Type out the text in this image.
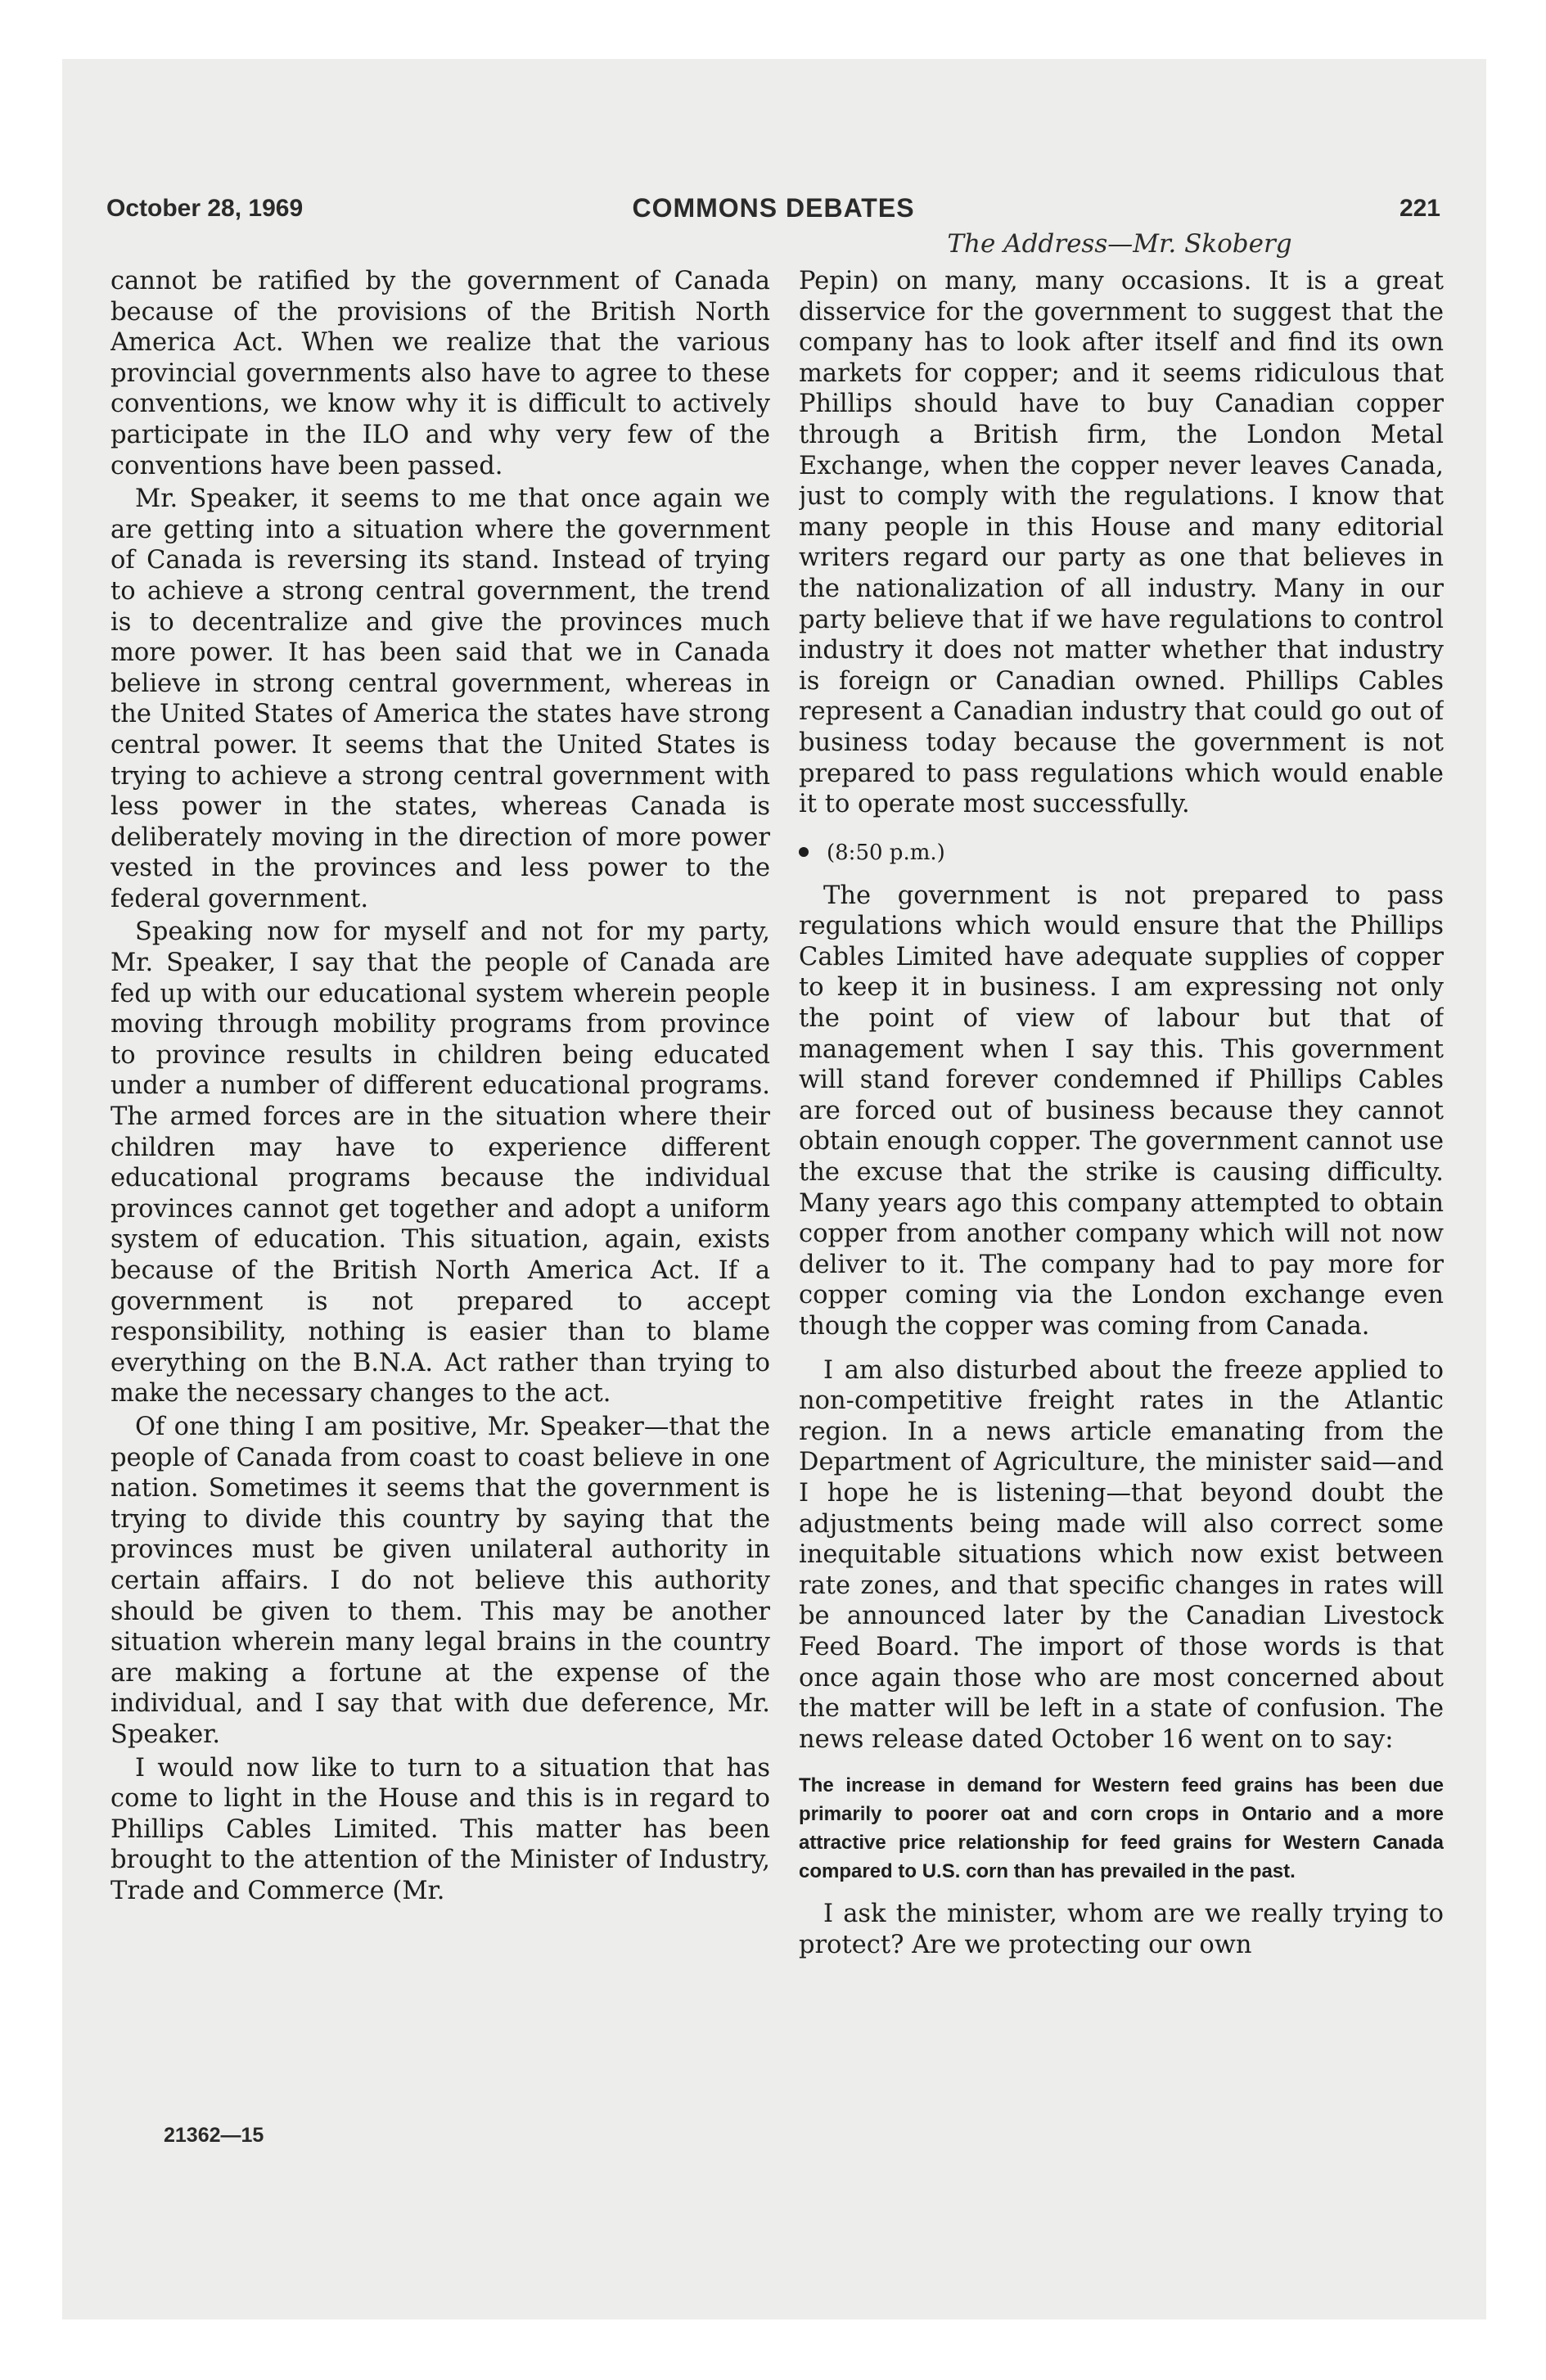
October 28, 1969	COMMONS DEBATES	221
The Address—Mr. Skoberg

cannot be ratified by the government of Canada because of the provisions of the British North America Act. When we realize that the various provincial governments also have to agree to these conventions, we know why it is difficult to actively participate in the ILO and why very few of the conventions have been passed.

Mr. Speaker, it seems to me that once again we are getting into a situation where the government of Canada is reversing its stand. Instead of trying to achieve a strong central government, the trend is to decentralize and give the provinces much more power. It has been said that we in Canada believe in strong central government, whereas in the United States of America the states have strong central power. It seems that the United States is trying to achieve a strong central government with less power in the states, whereas Canada is deliberately moving in the direction of more power vested in the provinces and less power to the federal government.

Speaking now for myself and not for my party, Mr. Speaker, I say that the people of Canada are fed up with our educational system wherein people moving through mobility programs from province to province results in children being educated under a number of different educational programs. The armed forces are in the situation where their children may have to experience different educational programs because the individual provinces cannot get together and adopt a uniform system of education. This situation, again, exists because of the British North America Act. If a government is not prepared to accept responsibility, nothing is easier than to blame everything on the B.N.A. Act rather than trying to make the necessary changes to the act.

Of one thing I am positive, Mr. Speaker—that the people of Canada from coast to coast believe in one nation. Sometimes it seems that the government is trying to divide this country by saying that the provinces must be given unilateral authority in certain affairs. I do not believe this authority should be given to them. This may be another situation wherein many legal brains in the country are making a fortune at the expense of the individual, and I say that with due deference, Mr. Speaker.

I would now like to turn to a situation that has come to light in the House and this is in regard to Phillips Cables Limited. This matter has been brought to the attention of the Minister of Industry, Trade and Commerce (Mr.

Pepin) on many, many occasions. It is a great disservice for the government to suggest that the company has to look after itself and find its own markets for copper; and it seems ridiculous that Phillips should have to buy Canadian copper through a British firm, the London Metal Exchange, when the copper never leaves Canada, just to comply with the regulations. I know that many people in this House and many editorial writers regard our party as one that believes in the nationalization of all industry. Many in our party believe that if we have regulations to control industry it does not matter whether that industry is foreign or Canadian owned. Phillips Cables represent a Canadian industry that could go out of business today because the government is not prepared to pass regulations which would enable it to operate most successfully.

(8:50 p.m.)

The government is not prepared to pass regulations which would ensure that the Phillips Cables Limited have adequate supplies of copper to keep it in business. I am expressing not only the point of view of labour but that of management when I say this. This government will stand forever condemned if Phillips Cables are forced out of business because they cannot obtain enough copper. The government cannot use the excuse that the strike is causing difficulty. Many years ago this company attempted to obtain copper from another company which will not now deliver to it. The company had to pay more for copper coming via the London exchange even though the copper was coming from Canada.

I am also disturbed about the freeze applied to non-competitive freight rates in the Atlantic region. In a news article emanating from the Department of Agriculture, the minister said—and I hope he is listening—that beyond doubt the adjustments being made will also correct some inequitable situations which now exist between rate zones, and that specific changes in rates will be announced later by the Canadian Livestock Feed Board. The import of those words is that once again those who are most concerned about the matter will be left in a state of confusion. The news release dated October 16 went on to say:

The increase in demand for Western feed grains has been due primarily to poorer oat and corn crops in Ontario and a more attractive price relationship for feed grains for Western Canada compared to U.S. corn than has prevailed in the past.

I ask the minister, whom are we really trying to protect? Are we protecting our own

21362—15
